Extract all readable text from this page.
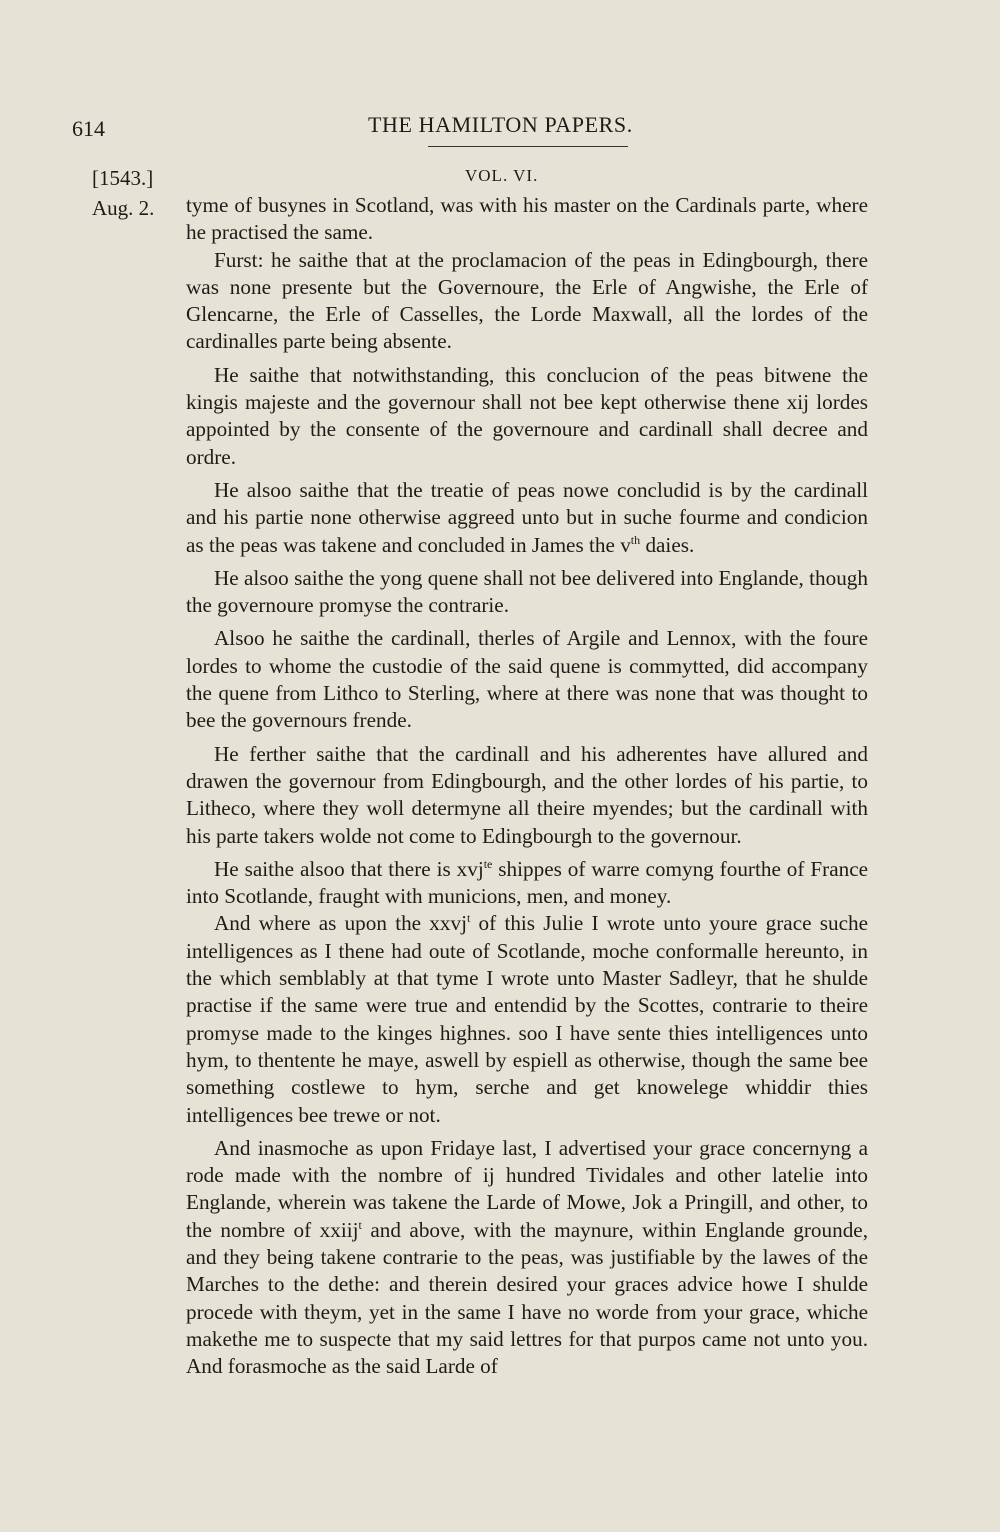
614	THE HAMILTON PAPERS.
[1543.]	VOL. VI.
Aug. 2. tyme of busynes in Scotland, was with his master on the Cardinals parte, where he practised the same.

Furst: he saithe that at the proclamacion of the peas in Edingbourgh, there was none presente but the Governoure, the Erle of Angwishe, the Erle of Glencarne, the Erle of Casselles, the Lorde Maxwall, all the lordes of the cardinalles parte being absente.

He saithe that notwithstanding, this conclucion of the peas bitwene the kingis majeste and the governour shall not bee kept otherwise thene xij lordes appointed by the consente of the governoure and cardinall shall decree and ordre.

He alsoo saithe that the treatie of peas nowe concludid is by the cardinall and his partie none otherwise aggreed unto but in suche fourme and condicion as the peas was takene and concluded in James the $v^{th}$ daies.

He alsoo saithe the yong quene shall not bee delivered into Englande, though the governoure promyse the contrarie.

Alsoo he saithe the cardinall, therles of Argile and Lennox, with the foure lordes to whome the custodie of the said quene is commytted, did accompany the quene from Lithco to Sterling, where at there was none that was thought to bee the governours frende.

He ferther saithe that the cardinall and his adherentes have allured and drawen the governour from Edingbourgh, and the other lordes of his partie, to Litheco, where they woll determyne all theire myendes; but the cardinall with his parte takers wolde not come to Edingbourgh to the governour.

He saithe alsoo that there is xvj$^{te}$ shippes of warre comyng fourthe of France into Scotlande, fraught with municions, men, and money.

And where as upon the xxvj$^t$ of this Julie I wrote unto youre grace suche intelligences as I thene had oute of Scotlande, moche conformalle hereunto, in the which semblably at that tyme I wrote unto Master Sadleyr, that he shulde practise if the same were true and entendid by the Scottes, contrarie to theire promyse made to the kinges highnes. soo I have sente thies intelligences unto hym, to thentente he maye, aswell by espiell as otherwise, though the same bee something costlewe to hym, serche and get knowelege whiddir thies intelligences bee trewe or not.

And inasmoche as upon Fridaye last, I advertised your grace concernyng a rode made with the nombre of ij hundred Tividales and other latelie into Englande, wherein was takene the Larde of Mowe, Jok a Pringill, and other, to the nombre of xxiij$^t$ and above, with the maynure, within Englande grounde, and they being takene contrarie to the peas, was justifiable by the lawes of the Marches to the dethe: and therein desired your graces advice howe I shulde procede with theym, yet in the same I have no worde from your grace, whiche makethe me to suspecte that my said lettres for that purpos came not unto you. And forasmoche as the said Larde of
